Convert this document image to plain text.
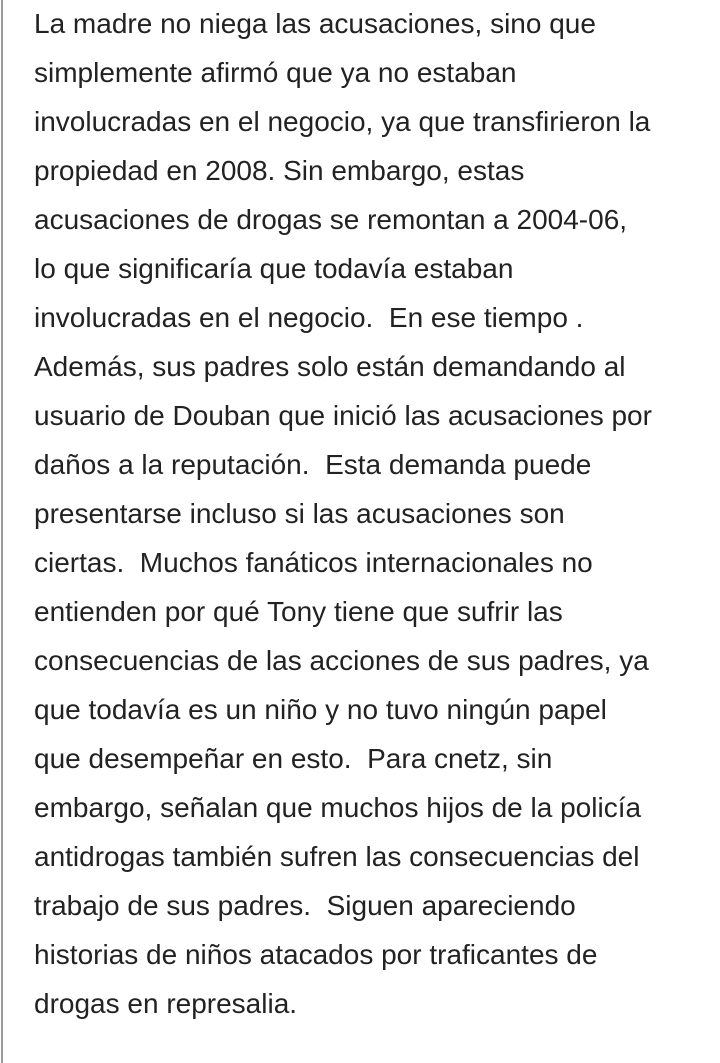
La madre no niega las acusaciones, sino que
simplemente afirmó que ya no estaban
involucradas en el negocio, ya que transfirieron la
propiedad en 2008. Sin embargo, estas
acusaciones de drogas se remontan a 2004-06,
lo que significaría que todavía estaban
involucradas en el negocio.  En ese tiempo .
Además, sus padres solo están demandando al
usuario de Douban que inició las acusaciones por
daños a la reputación.  Esta demanda puede
presentarse incluso si las acusaciones son
ciertas.  Muchos fanáticos internacionales no
entienden por qué Tony tiene que sufrir las
consecuencias de las acciones de sus padres, ya
que todavía es un niño y no tuvo ningún papel
que desempeñar en esto.  Para cnetz, sin
embargo, señalan que muchos hijos de la policía
antidrogas también sufren las consecuencias del
trabajo de sus padres.  Siguen apareciendo
historias de niños atacados por traficantes de
drogas en represalia.
